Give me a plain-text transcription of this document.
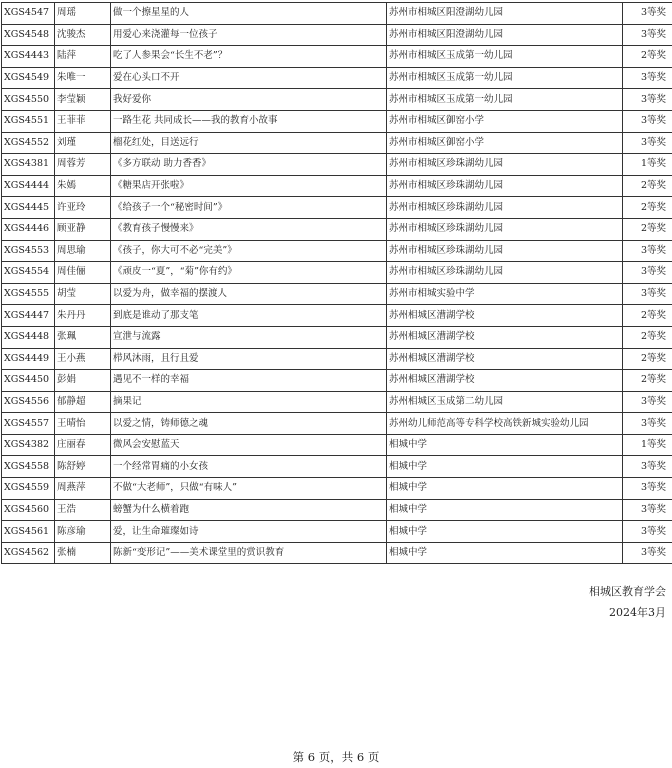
XGS4547	周瑶	做一个擦星星的人	苏州市相城区阳澄湖幼儿园	3等奖
XGS4548	沈骏杰	用爱心来浇灌每一位孩子	苏州市相城区阳澄湖幼儿园	3等奖
XGS4443	陆萍	吃了人参果会“长生不老”？	苏州市相城区玉成第一幼儿园	2等奖
XGS4549	朱唯一	爱在心头口不开	苏州市相城区玉成第一幼儿园	3等奖
XGS4550	李莹颖	我好爱你	苏州市相城区玉成第一幼儿园	3等奖
XGS4551	王菲菲	一路生花 共同成长——我的教育小故事	苏州市相城区御窑小学	3等奖
XGS4552	刘瑾	榴花红处，目送远行	苏州市相城区御窑小学	3等奖
XGS4381	周蓉芳	《多方联动 助力香香》	苏州市相城区珍珠湖幼儿园	1等奖
XGS4444	朱嫣	《糖果店开张啦》	苏州市相城区珍珠湖幼儿园	2等奖
XGS4445	许亚玲	《给孩子一个“秘密时间”》	苏州市相城区珍珠湖幼儿园	2等奖
XGS4446	顾亚静	《教育孩子慢慢来》	苏州市相城区珍珠湖幼儿园	2等奖
XGS4553	周思瑜	《孩子，你大可不必“完美”》	苏州市相城区珍珠湖幼儿园	3等奖
XGS4554	周佳俪	《顽皮一“夏”，“菊”你有约》	苏州市相城区珍珠湖幼儿园	3等奖
XGS4555	胡莹	以爱为舟，做幸福的摆渡人	苏州市相城实验中学	3等奖
XGS4447	朱丹丹	到底是谁动了那支笔	苏州相城区漕湖学校	2等奖
XGS4448	张珮	宣泄与流露	苏州相城区漕湖学校	2等奖
XGS4449	王小燕	栉风沐雨，且行且爱	苏州相城区漕湖学校	2等奖
XGS4450	彭娟	遇见不一样的幸福	苏州相城区漕湖学校	2等奖
XGS4556	郁静超	摘果记	苏州相城区玉成第二幼儿园	3等奖
XGS4557	王晴怡	以爱之情，铸师德之魂	苏州幼儿师范高等专科学校高铁新城实验幼儿园	3等奖
XGS4382	庄丽春	微风会安慰蓝天	相城中学	1等奖
XGS4558	陈舒婷	一个经常胃痛的小女孩	相城中学	3等奖
XGS4559	周燕萍	不做“大老师”，只做“有味人”	相城中学	3等奖
XGS4560	王浩	螃蟹为什么横着跑	相城中学	3等奖
XGS4561	陈彦瑜	爱，让生命璀璨如诗	相城中学	3等奖
XGS4562	张楠	陈新“变形记”——美术课堂里的赏识教育	相城中学	3等奖
相城区教育学会
2024年3月
第 6 页，共 6 页
